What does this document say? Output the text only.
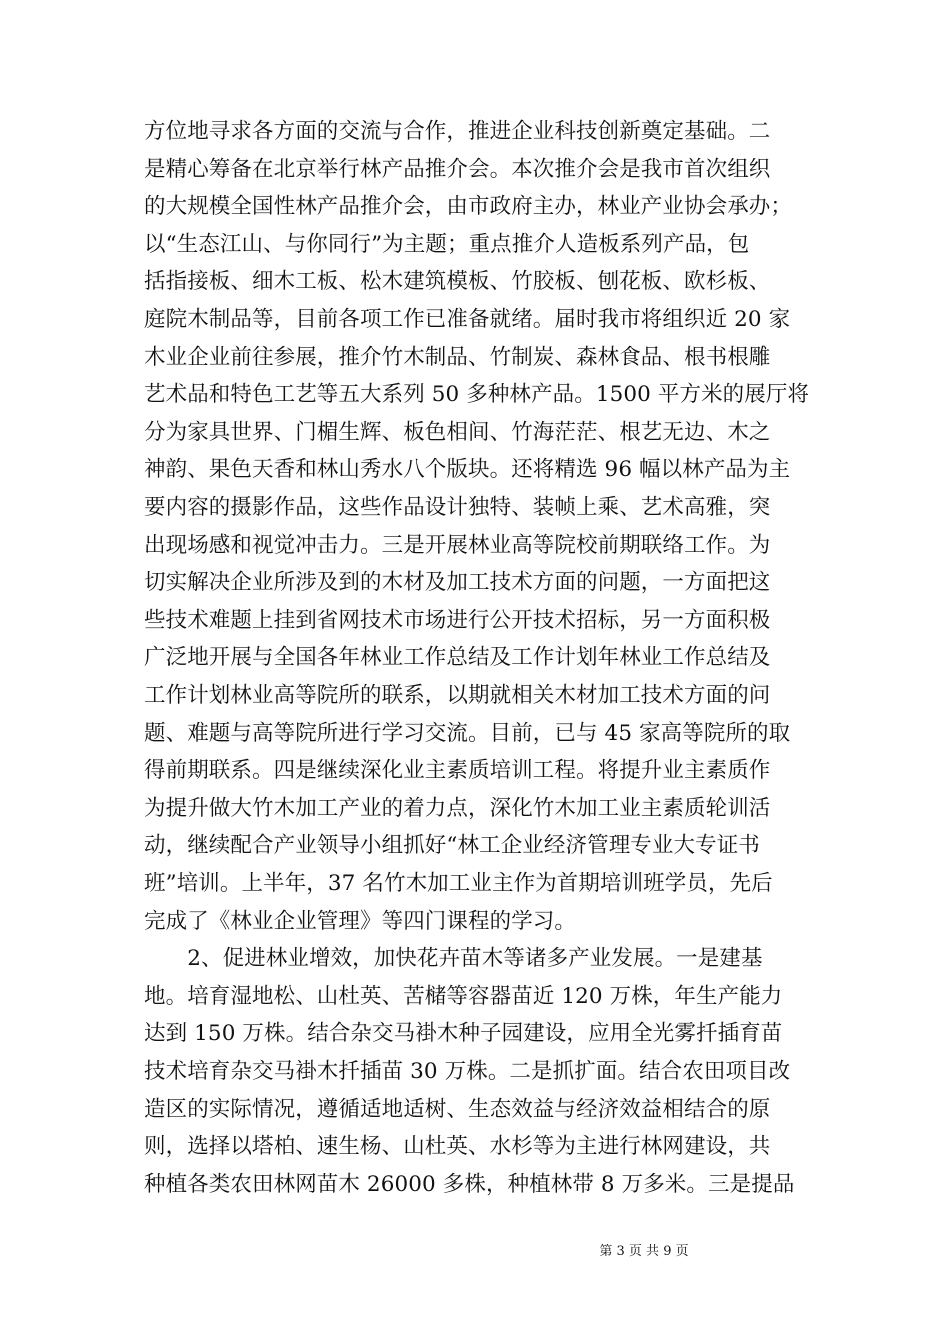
方位地寻求各方面的交流与合作，推进企业科技创新奠定基础。二
是精心筹备在北京举行林产品推介会。本次推介会是我市首次组织
的大规模全国性林产品推介会，由市政府主办，林业产业协会承办；
以“生态江山、与你同行”为主题；重点推介人造板系列产品，包
括指接板、细木工板、松木建筑模板、竹胶板、刨花板、欧杉板、
庭院木制品等，目前各项工作已准备就绪。届时我市将组织近 20 家
木业企业前往参展，推介竹木制品、竹制炭、森林食品、根书根雕
艺术品和特色工艺等五大系列 50 多种林产品。1500 平方米的展厅将
分为家具世界、门楣生辉、板色相间、竹海茫茫、根艺无边、木之
神韵、果色天香和林山秀水八个版块。还将精选 96 幅以林产品为主
要内容的摄影作品，这些作品设计独特、装帧上乘、艺术高雅，突
出现场感和视觉冲击力。三是开展林业高等院校前期联络工作。为
切实解决企业所涉及到的木材及加工技术方面的问题，一方面把这
些技术难题上挂到省网技术市场进行公开技术招标，另一方面积极
广泛地开展与全国各年林业工作总结及工作计划年林业工作总结及
工作计划林业高等院所的联系，以期就相关木材加工技术方面的问
题、难题与高等院所进行学习交流。目前，已与 45 家高等院所的取
得前期联系。四是继续深化业主素质培训工程。将提升业主素质作
为提升做大竹木加工产业的着力点，深化竹木加工业主素质轮训活
动，继续配合产业领导小组抓好“林工企业经济管理专业大专证书
班”培训。上半年，37 名竹木加工业主作为首期培训班学员，先后
完成了《林业企业管理》等四门课程的学习。
　　2、促进林业增效，加快花卉苗木等诸多产业发展。一是建基
地。培育湿地松、山杜英、苦槠等容器苗近 120 万株，年生产能力
达到 150 万株。结合杂交马褂木种子园建设，应用全光雾扦插育苗
技术培育杂交马褂木扦插苗 30 万株。二是抓扩面。结合农田项目改
造区的实际情况，遵循适地适树、生态效益与经济效益相结合的原
则，选择以塔柏、速生杨、山杜英、水杉等为主进行林网建设，共
种植各类农田林网苗木 26000 多株，种植林带 8 万多米。三是提品
第 3 页 共 9 页
